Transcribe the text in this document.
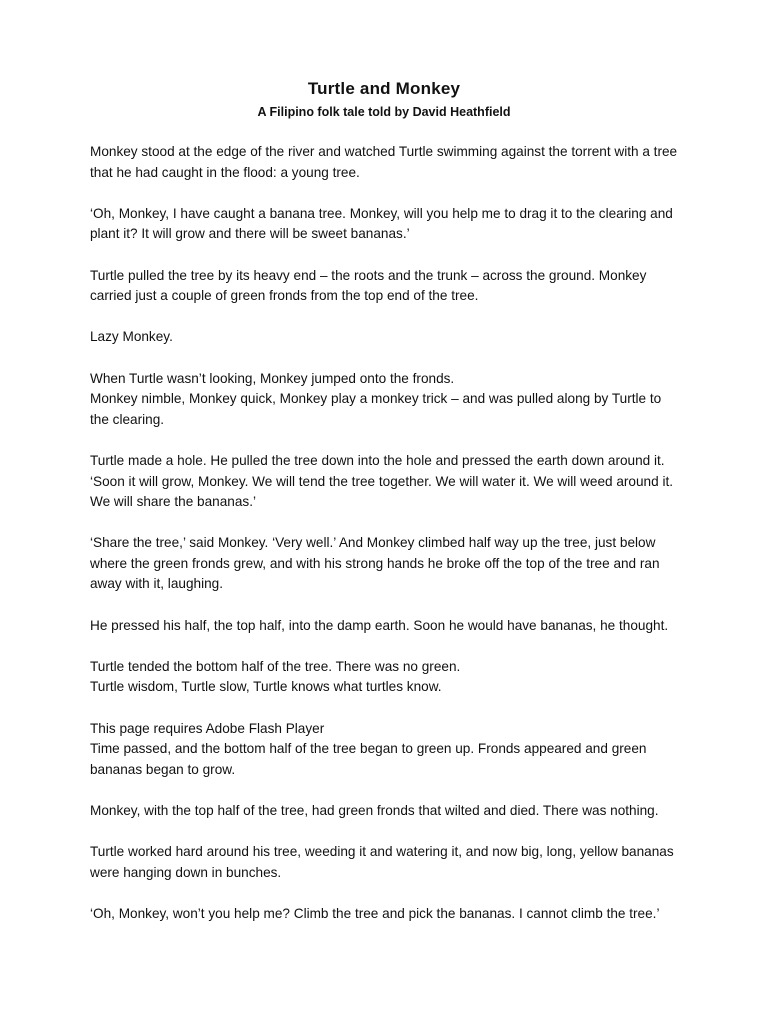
Turtle and Monkey
A Filipino folk tale told by David Heathfield

Monkey stood at the edge of the river and watched Turtle swimming against the torrent with a tree that he had caught in the flood: a young tree.

‘Oh, Monkey, I have caught a banana tree. Monkey, will you help me to drag it to the clearing and plant it? It will grow and there will be sweet bananas.’

Turtle pulled the tree by its heavy end – the roots and the trunk – across the ground. Monkey carried just a couple of green fronds from the top end of the tree.

Lazy Monkey.

When Turtle wasn’t looking, Monkey jumped onto the fronds.
Monkey nimble, Monkey quick, Monkey play a monkey trick – and was pulled along by Turtle to the clearing.

Turtle made a hole. He pulled the tree down into the hole and pressed the earth down around it. ‘Soon it will grow, Monkey. We will tend the tree together. We will water it. We will weed around it. We will share the bananas.’

‘Share the tree,’ said Monkey. ‘Very well.’ And Monkey climbed half way up the tree, just below where the green fronds grew, and with his strong hands he broke off the top of the tree and ran away with it, laughing.

He pressed his half, the top half, into the damp earth. Soon he would have bananas, he thought.

Turtle tended the bottom half of the tree. There was no green.
Turtle wisdom, Turtle slow, Turtle knows what turtles know.

This page requires Adobe Flash Player
Time passed, and the bottom half of the tree began to green up. Fronds appeared and green bananas began to grow.

Monkey, with the top half of the tree, had green fronds that wilted and died. There was nothing.

Turtle worked hard around his tree, weeding it and watering it, and now big, long, yellow bananas were hanging down in bunches.

‘Oh, Monkey, won’t you help me? Climb the tree and pick the bananas. I cannot climb the tree.’
